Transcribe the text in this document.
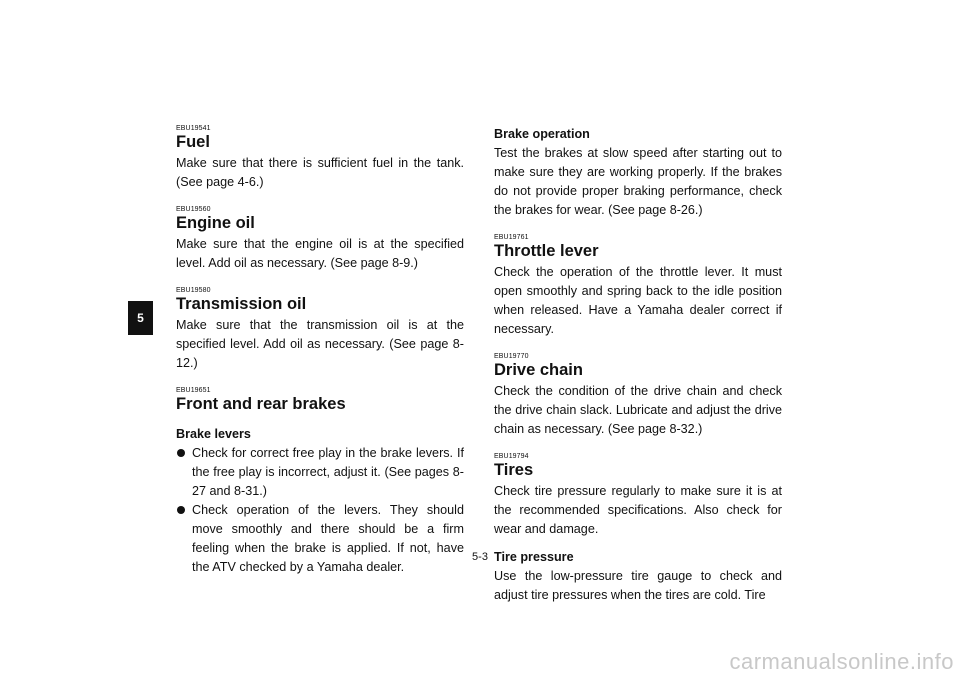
5
EBU19541
Fuel

Make sure that there is sufficient fuel in the tank. (See page 4-6.)

EBU19560
Engine oil

Make sure that the engine oil is at the specified level. Add oil as necessary. (See page 8-9.)

EBU19580
Transmission oil

Make sure that the transmission oil is at the specified level. Add oil as necessary. (See page 8-12.)

EBU19651
Front and rear brakes
Brake levers
Check for correct free play in the brake levers. If the free play is incorrect, adjust it. (See pages 8-27 and 8-31.)
Check operation of the levers. They should move smoothly and there should be a firm feeling when the brake is applied. If not, have the ATV checked by a Yamaha dealer.
Brake operation

Test the brakes at slow speed after starting out to make sure they are working properly. If the brakes do not provide proper braking performance, check the brakes for wear. (See page 8-26.)

EBU19761
Throttle lever

Check the operation of the throttle lever. It must open smoothly and spring back to the idle position when released. Have a Yamaha dealer correct if necessary.

EBU19770
Drive chain

Check the condition of the drive chain and check the drive chain slack. Lubricate and adjust the drive chain as necessary. (See page 8-32.)

EBU19794
Tires

Check tire pressure regularly to make sure it is at the recommended specifications. Also check for wear and damage.

Tire pressure

Use the low-pressure tire gauge to check and adjust tire pressures when the tires are cold. Tire

5-3
carmanualsonline.info
